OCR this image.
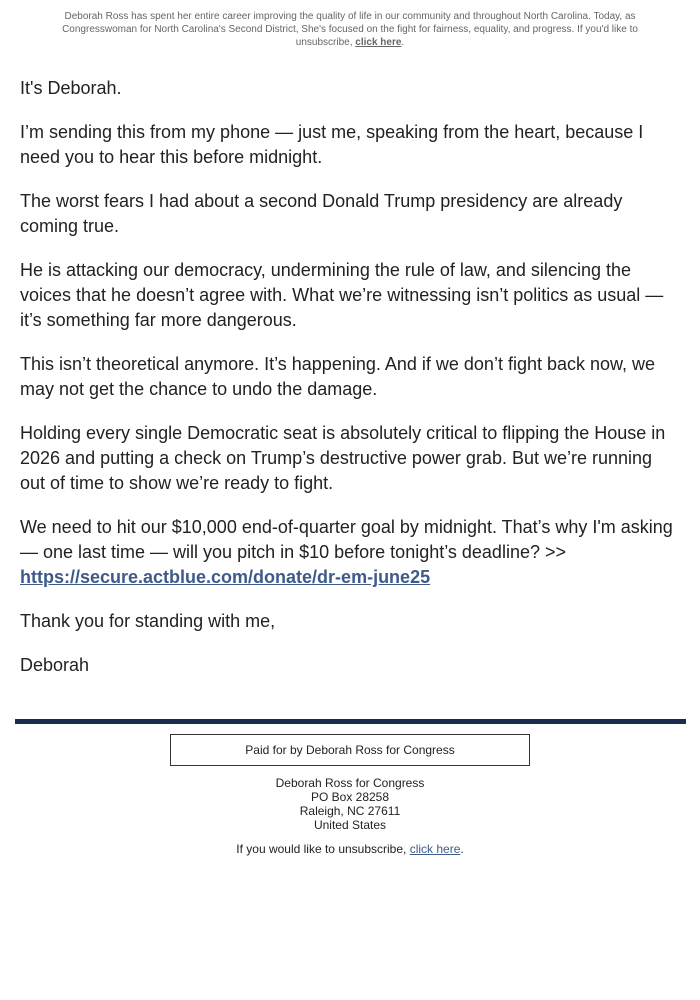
Deborah Ross has spent her entire career improving the quality of life in our community and throughout North Carolina. Today, as Congresswoman for North Carolina's Second District, She's focused on the fight for fairness, equality, and progress. If you'd like to unsubscribe, click here.

It's Deborah.

I’m sending this from my phone — just me, speaking from the heart, because I need you to hear this before midnight.

The worst fears I had about a second Donald Trump presidency are already coming true.

He is attacking our democracy, undermining the rule of law, and silencing the voices that he doesn’t agree with. What we’re witnessing isn’t politics as usual — it’s something far more dangerous.

This isn’t theoretical anymore. It’s happening. And if we don’t fight back now, we may not get the chance to undo the damage.

Holding every single Democratic seat is absolutely critical to flipping the House in 2026 and putting a check on Trump’s destructive power grab. But we’re running out of time to show we’re ready to fight.

We need to hit our $10,000 end-of-quarter goal by midnight. That’s why I'm asking — one last time — will you pitch in $10 before tonight’s deadline? >>
https://secure.actblue.com/donate/dr-em-june25

Thank you for standing with me,

Deborah

Paid for by Deborah Ross for Congress
Deborah Ross for Congress
PO Box 28258
Raleigh, NC 27611
United States
If you would like to unsubscribe, click here.
